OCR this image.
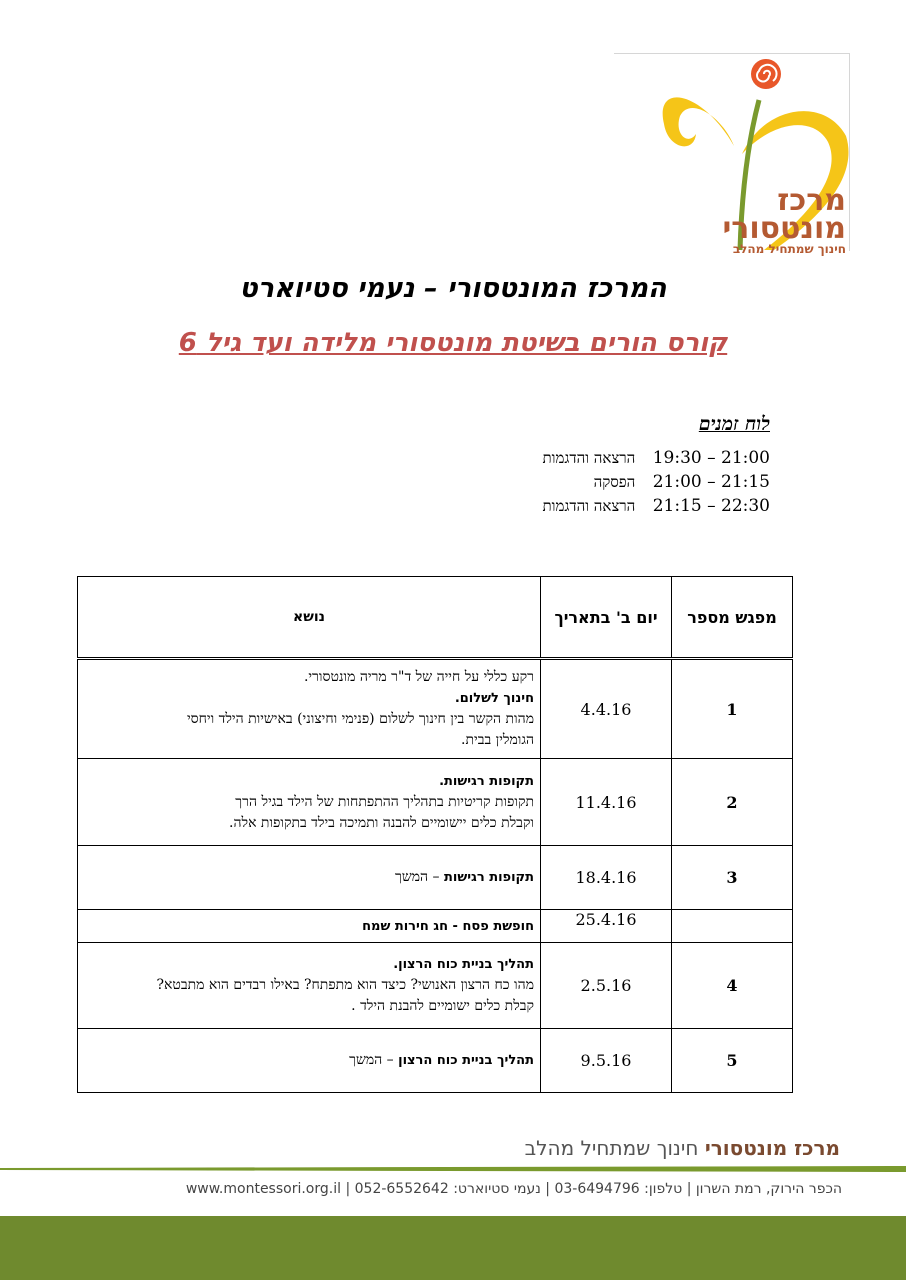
מרכז
מונטסורי
חינוך שמתחיל מהלב
המרכז המונטסורי – נעמי סטיוארט
קורס הורים בשיטת מונטסורי מלידה ועד גיל 6
לוח זמנים
19:30 – 21:00 הרצאה והדגמות
21:00 – 21:15 הפסקה
21:15 – 22:30 הרצאה והדגמות
מפגש מספר	יום ב' בתאריך	נושא
1	4.4.16	רקע כללי על חייה של ד"ר מריה מונטסורי.
חינוך לשלום.
מהות הקשר בין חינוך לשלום (פנימי וחיצוני) באישיות הילד ויחסי
הגומלין בבית.

2	11.4.16	תקופות רגישות.
תקופות קריטיות בתהליך ההתפתחות של הילד בגיל הרך
וקבלת כלים יישומיים להבנה ותמיכה בילד בתקופות אלה.

3	18.4.16	תקופות רגישות – המשך
	25.4.16	חופשת פסח - חג חירות שמח
4	2.5.16	תהליך בניית כוח הרצון.
מהו כח הרצון האנושי? כיצד הוא מתפתח? באילו רבדים הוא מתבטא?
קבלת כלים ישומיים להבנת הילד .

5	9.5.16	תהליך בניית כוח הרצון – המשך
מרכז מונטסורי חינוך שמתחיל מהלב
הכפר הירוק, רמת השרון | טלפון: 03-6494796 | נעמי סטיוארט: 052-6552642 | www.montessori.org.il
